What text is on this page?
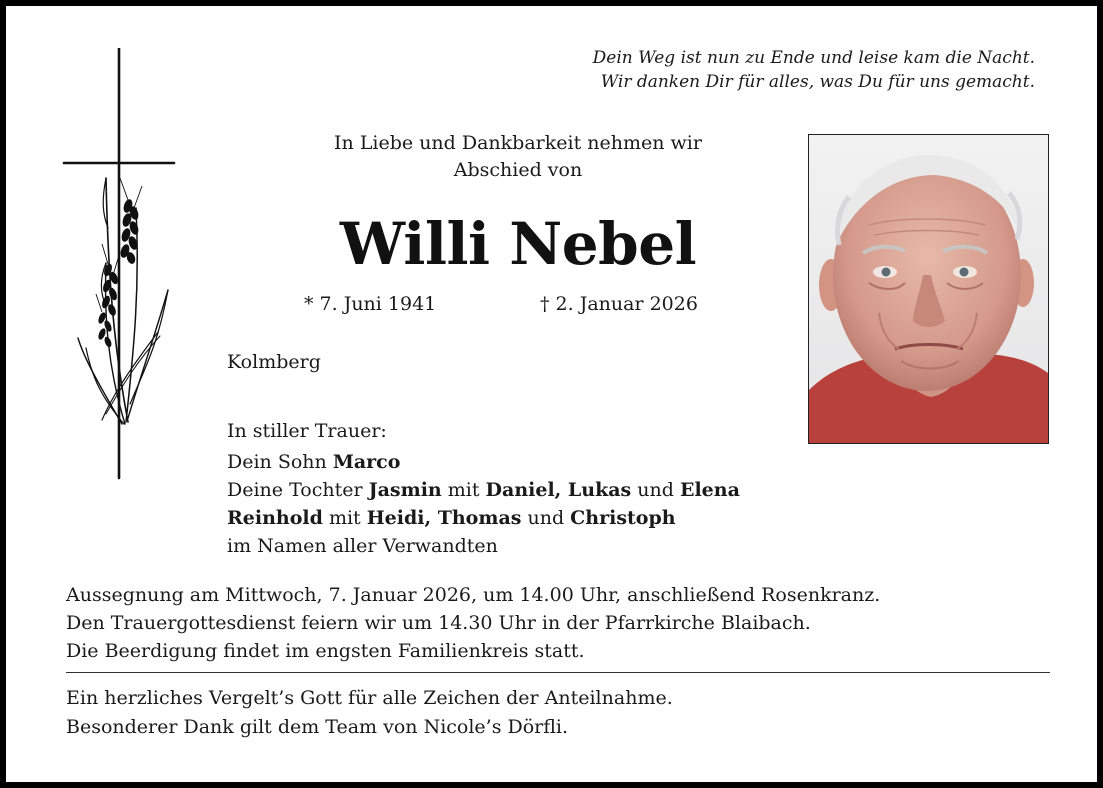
Dein Weg ist nun zu Ende und leise kam die Nacht.
Wir danken Dir für alles, was Du für uns gemacht.
In Liebe und Dankbarkeit nehmen wir
Abschied von
Willi Nebel
* 7. Juni 1941	† 2. Januar 2026
Kolmberg
In stiller Trauer:
Dein Sohn Marco
Deine Tochter Jasmin mit Daniel, Lukas und Elena
Reinhold mit Heidi, Thomas und Christoph
im Namen aller Verwandten
Aussegnung am Mittwoch, 7. Januar 2026, um 14.00 Uhr, anschließend Rosenkranz.
Den Trauergottesdienst feiern wir um 14.30 Uhr in der Pfarrkirche Blaibach.
Die Beerdigung findet im engsten Familienkreis statt.
Ein herzliches Vergelt’s Gott für alle Zeichen der Anteilnahme.
Besonderer Dank gilt dem Team von Nicole’s Dörfli.
